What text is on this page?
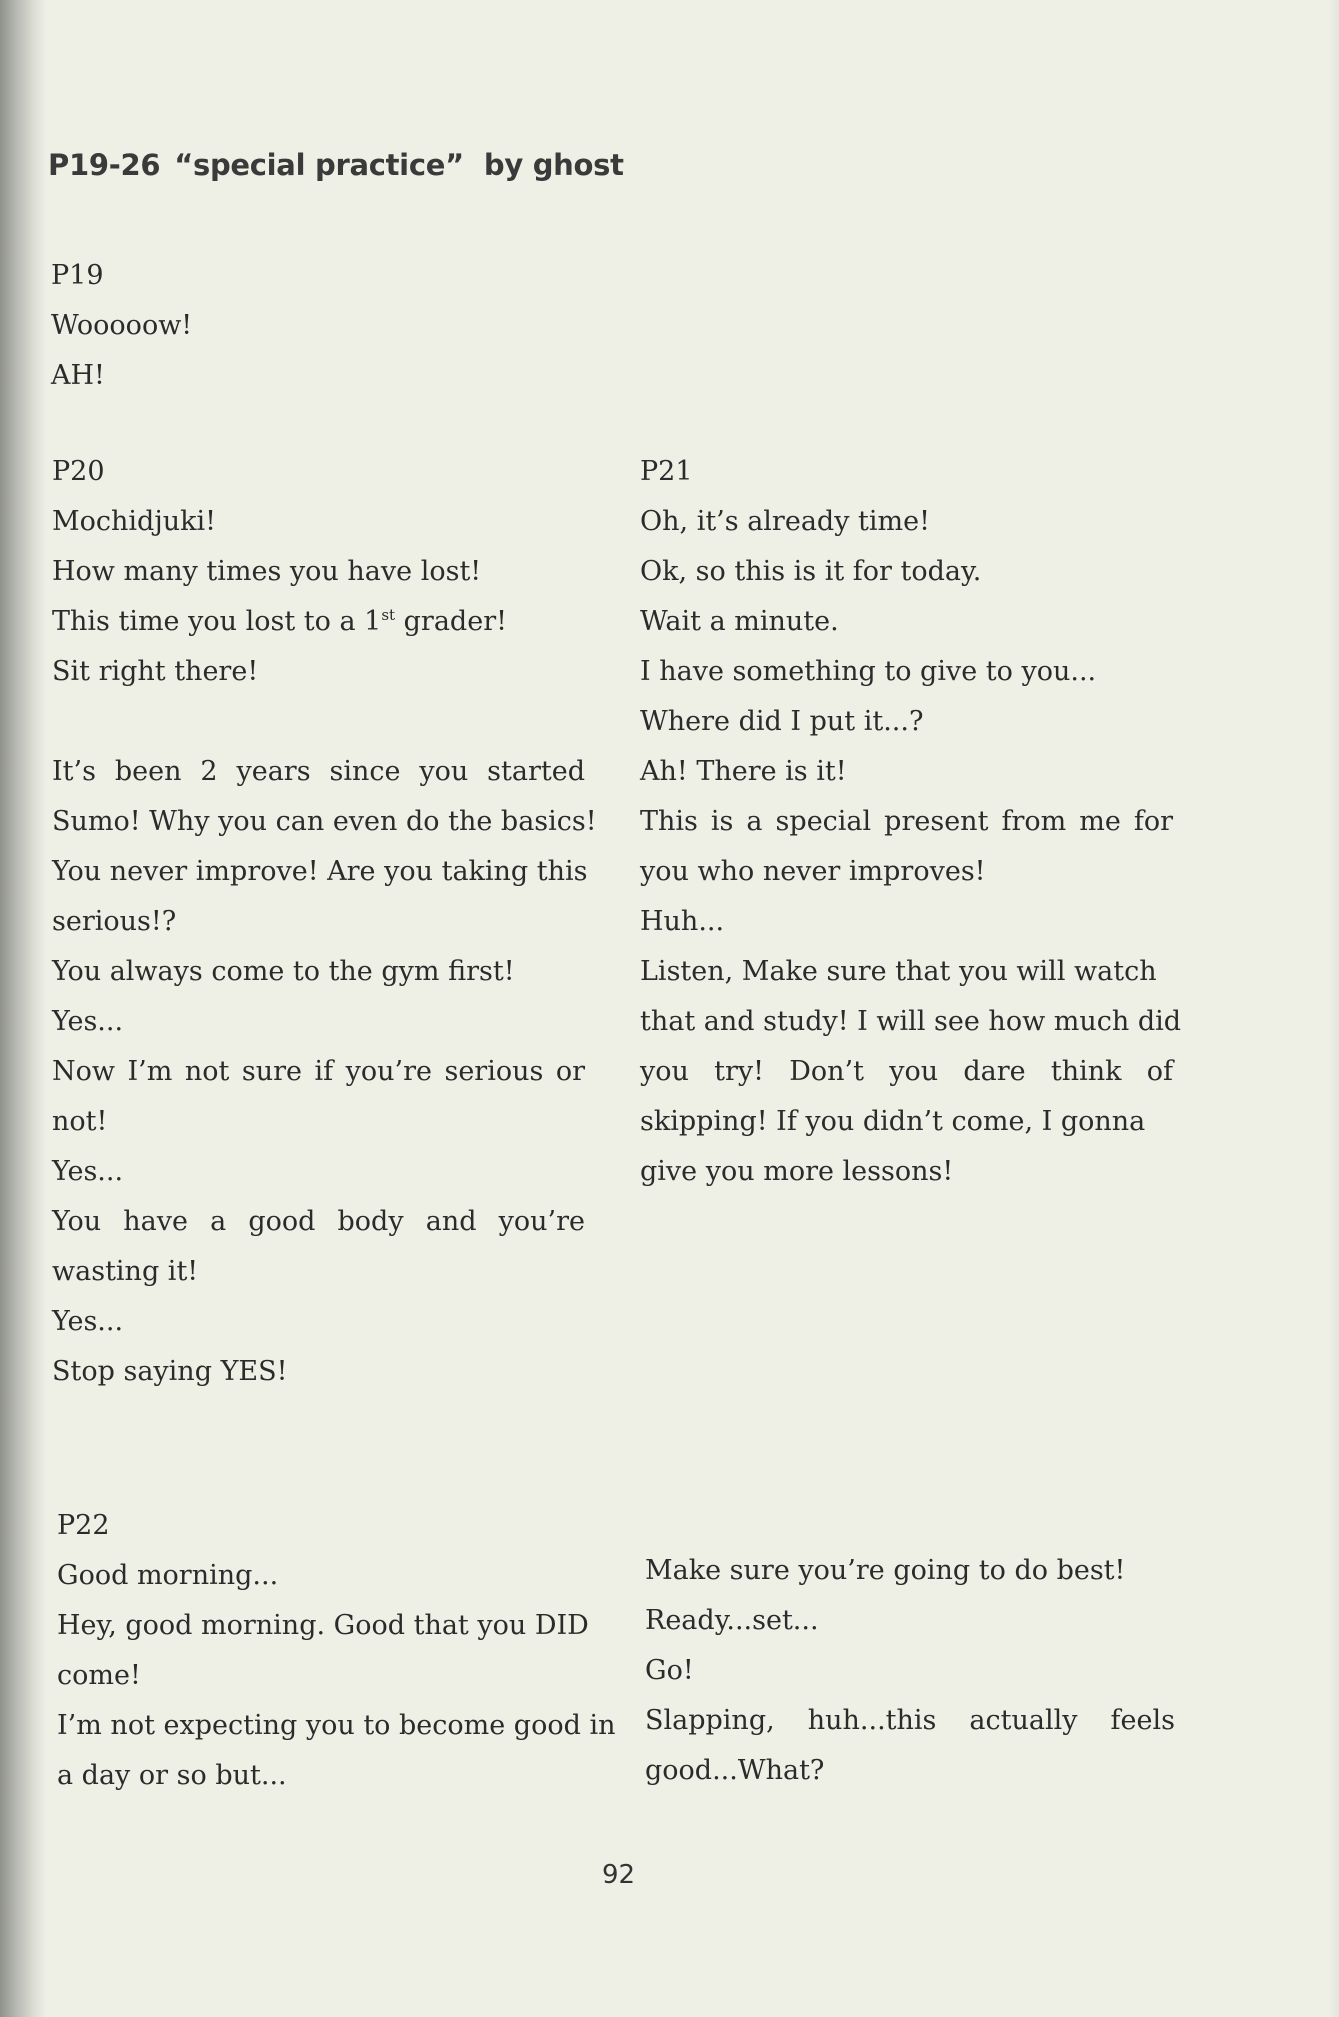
P19-26 “special practice” by ghost
P19
Wooooow!
AH!
P20
Mochidjuki!
How many times you have lost!
This time you lost to a 1st grader!
Sit right there!
It’s been 2 years since you started
Sumo! Why you can even do the basics!
You never improve! Are you taking this
serious!?
You always come to the gym first!
Yes...
Now I’m not sure if you’re serious or
not!
Yes...
You have a good body and you’re
wasting it!
Yes...
Stop saying YES!
P21
Oh, it’s already time!
Ok, so this is it for today.
Wait a minute.
I have something to give to you...
Where did I put it...?
Ah! There is it!
This is a special present from me for
you who never improves!
Huh...
Listen, Make sure that you will watch
that and study! I will see how much did
you try! Don’t you dare think of
skipping! If you didn’t come, I gonna
give you more lessons!
P22
Good morning...
Hey, good morning. Good that you DID
come!
I’m not expecting you to become good in
a day or so but...
Make sure you’re going to do best!
Ready...set...
Go!
Slapping, huh...this actually feels
good...What?
92
